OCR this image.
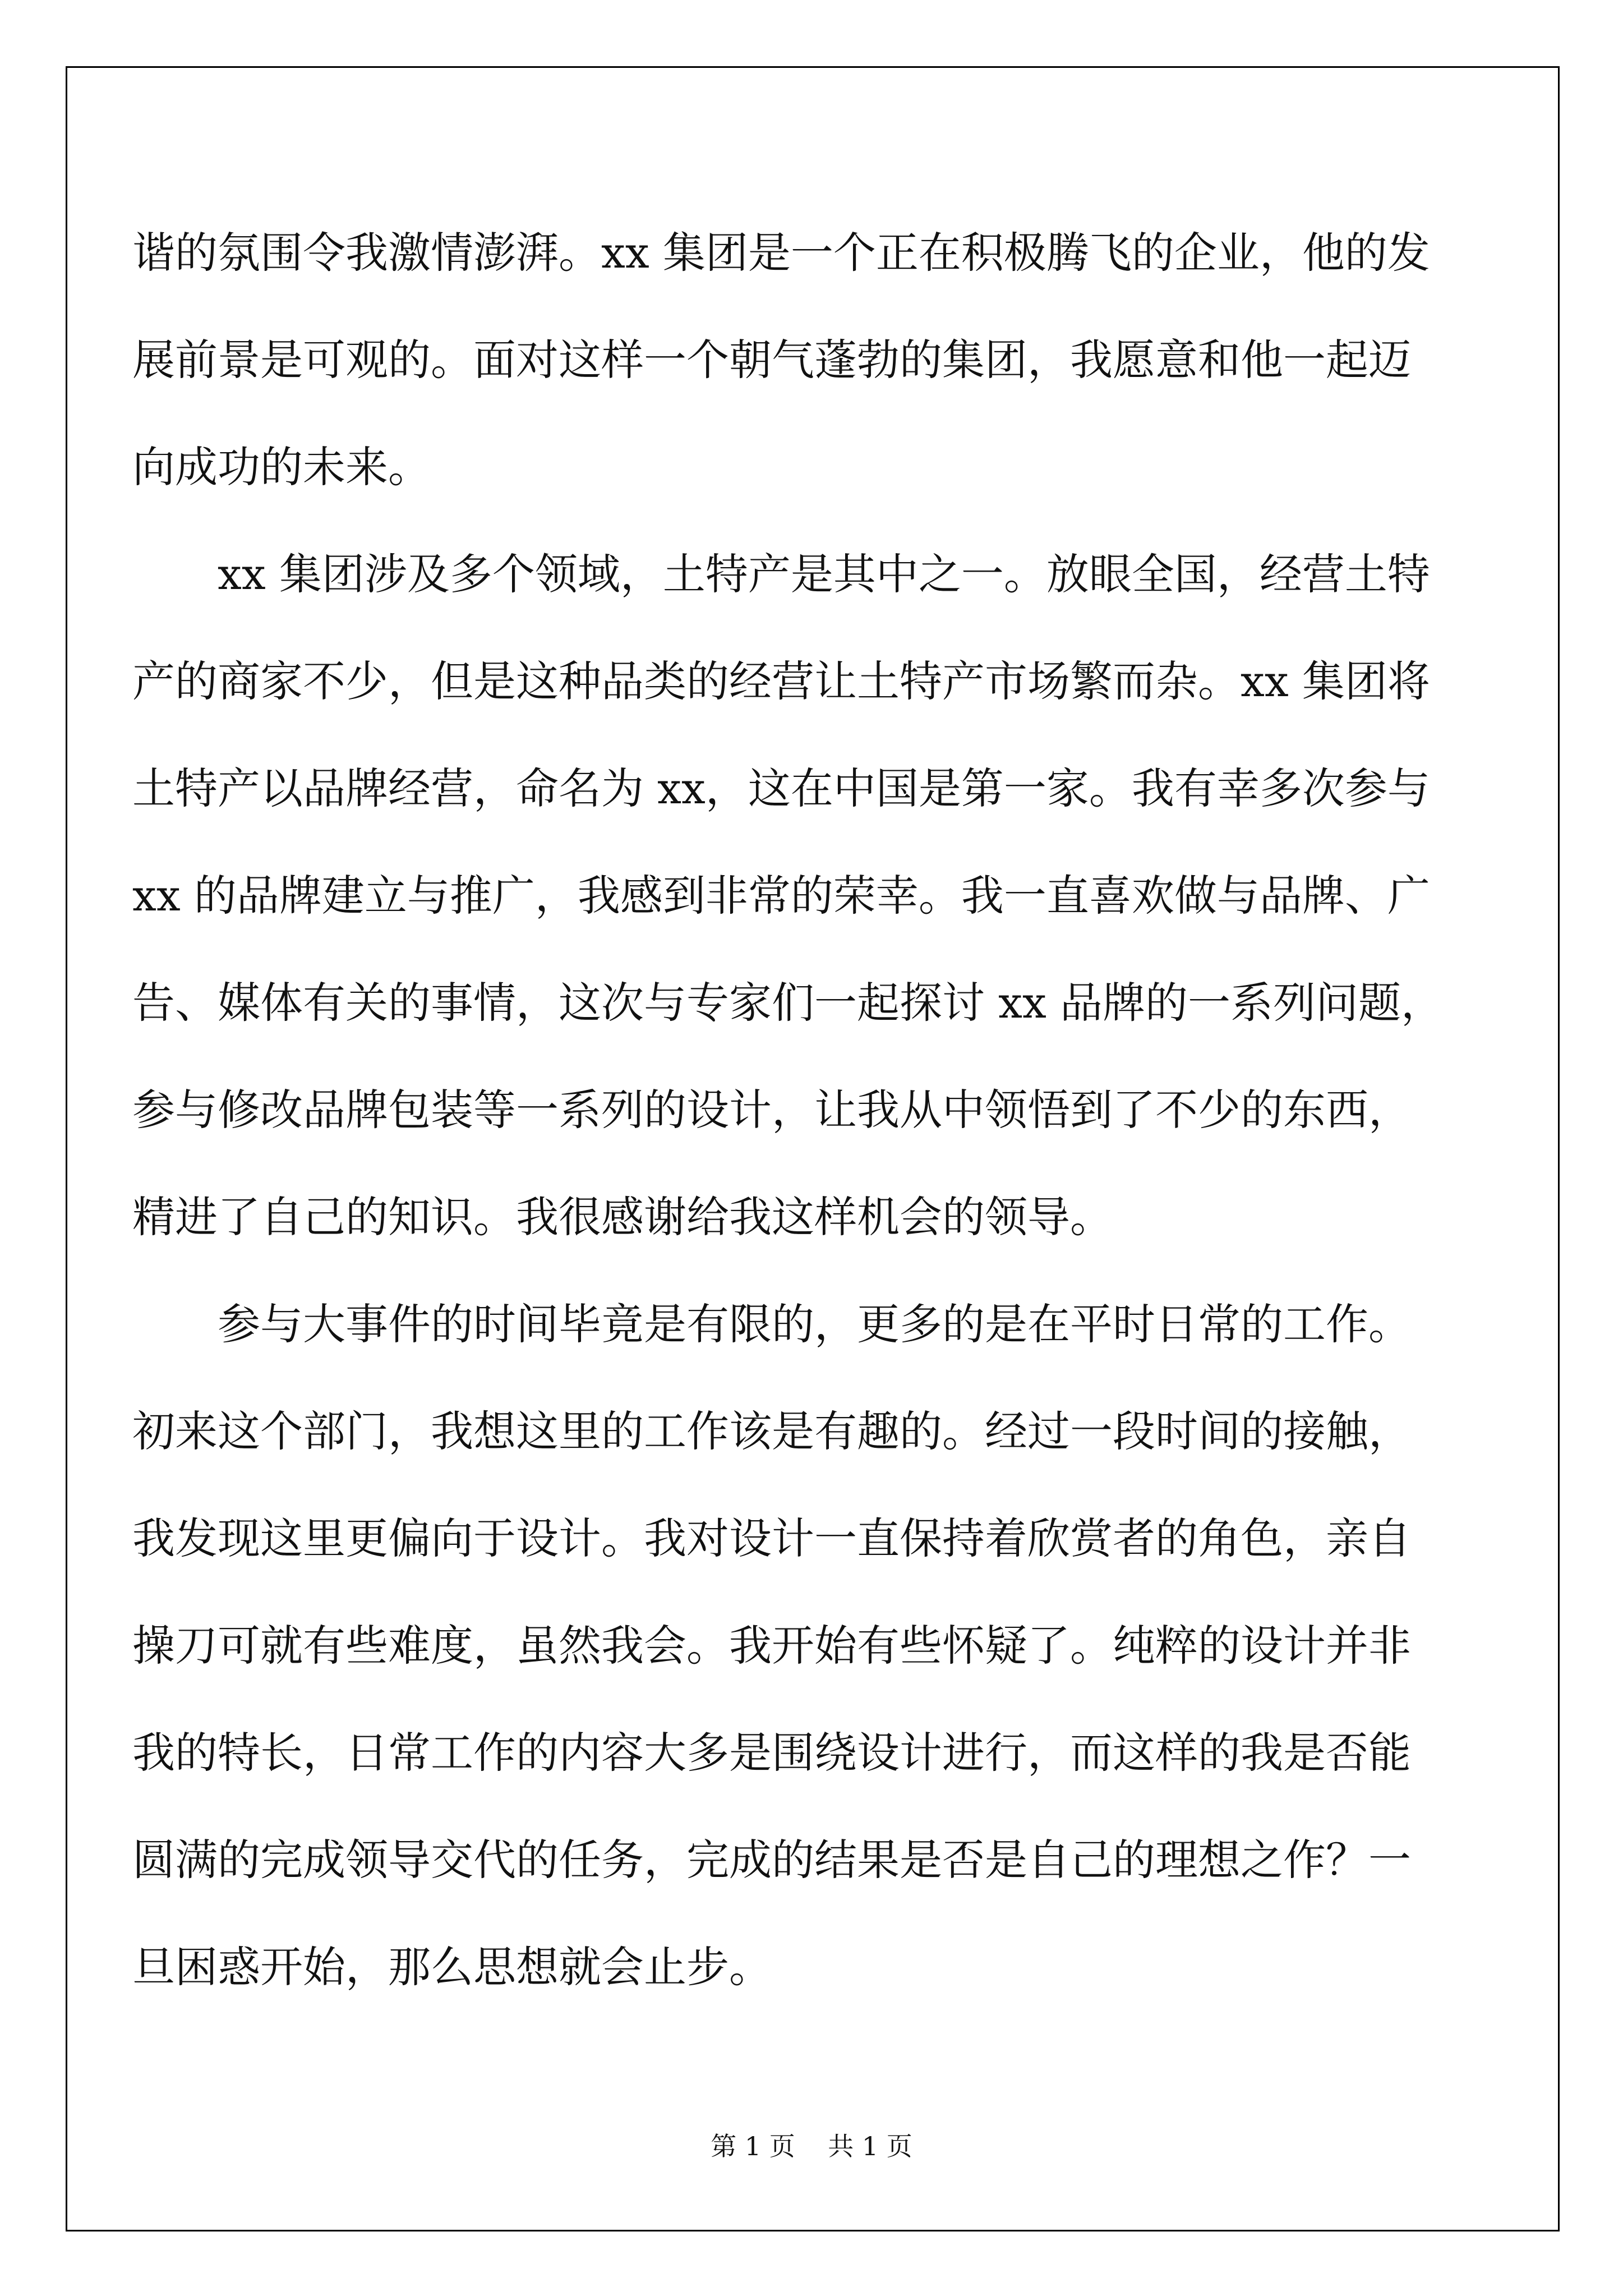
谐的氛围令我激情澎湃。xx 集团是一个正在积极腾飞的企业，他的发
展前景是可观的。面对这样一个朝气蓬勃的集团，我愿意和他一起迈
向成功的未来。
xx 集团涉及多个领域，土特产是其中之一。放眼全国，经营土特
产的商家不少，但是这种品类的经营让土特产市场繁而杂。xx 集团将
土特产以品牌经营，命名为 xx，这在中国是第一家。我有幸多次参与
xx 的品牌建立与推广，我感到非常的荣幸。我一直喜欢做与品牌、广
告、媒体有关的事情，这次与专家们一起探讨 xx 品牌的一系列问题，
参与修改品牌包装等一系列的设计，让我从中领悟到了不少的东西，
精进了自己的知识。我很感谢给我这样机会的领导。
参与大事件的时间毕竟是有限的，更多的是在平时日常的工作。
初来这个部门，我想这里的工作该是有趣的。经过一段时间的接触，
我发现这里更偏向于设计。我对设计一直保持着欣赏者的角色，亲自
操刀可就有些难度，虽然我会。我开始有些怀疑了。纯粹的设计并非
我的特长，日常工作的内容大多是围绕设计进行，而这样的我是否能
圆满的完成领导交代的任务，完成的结果是否是自己的理想之作？一
旦困惑开始，那么思想就会止步。
第 1 页    共 1 页
